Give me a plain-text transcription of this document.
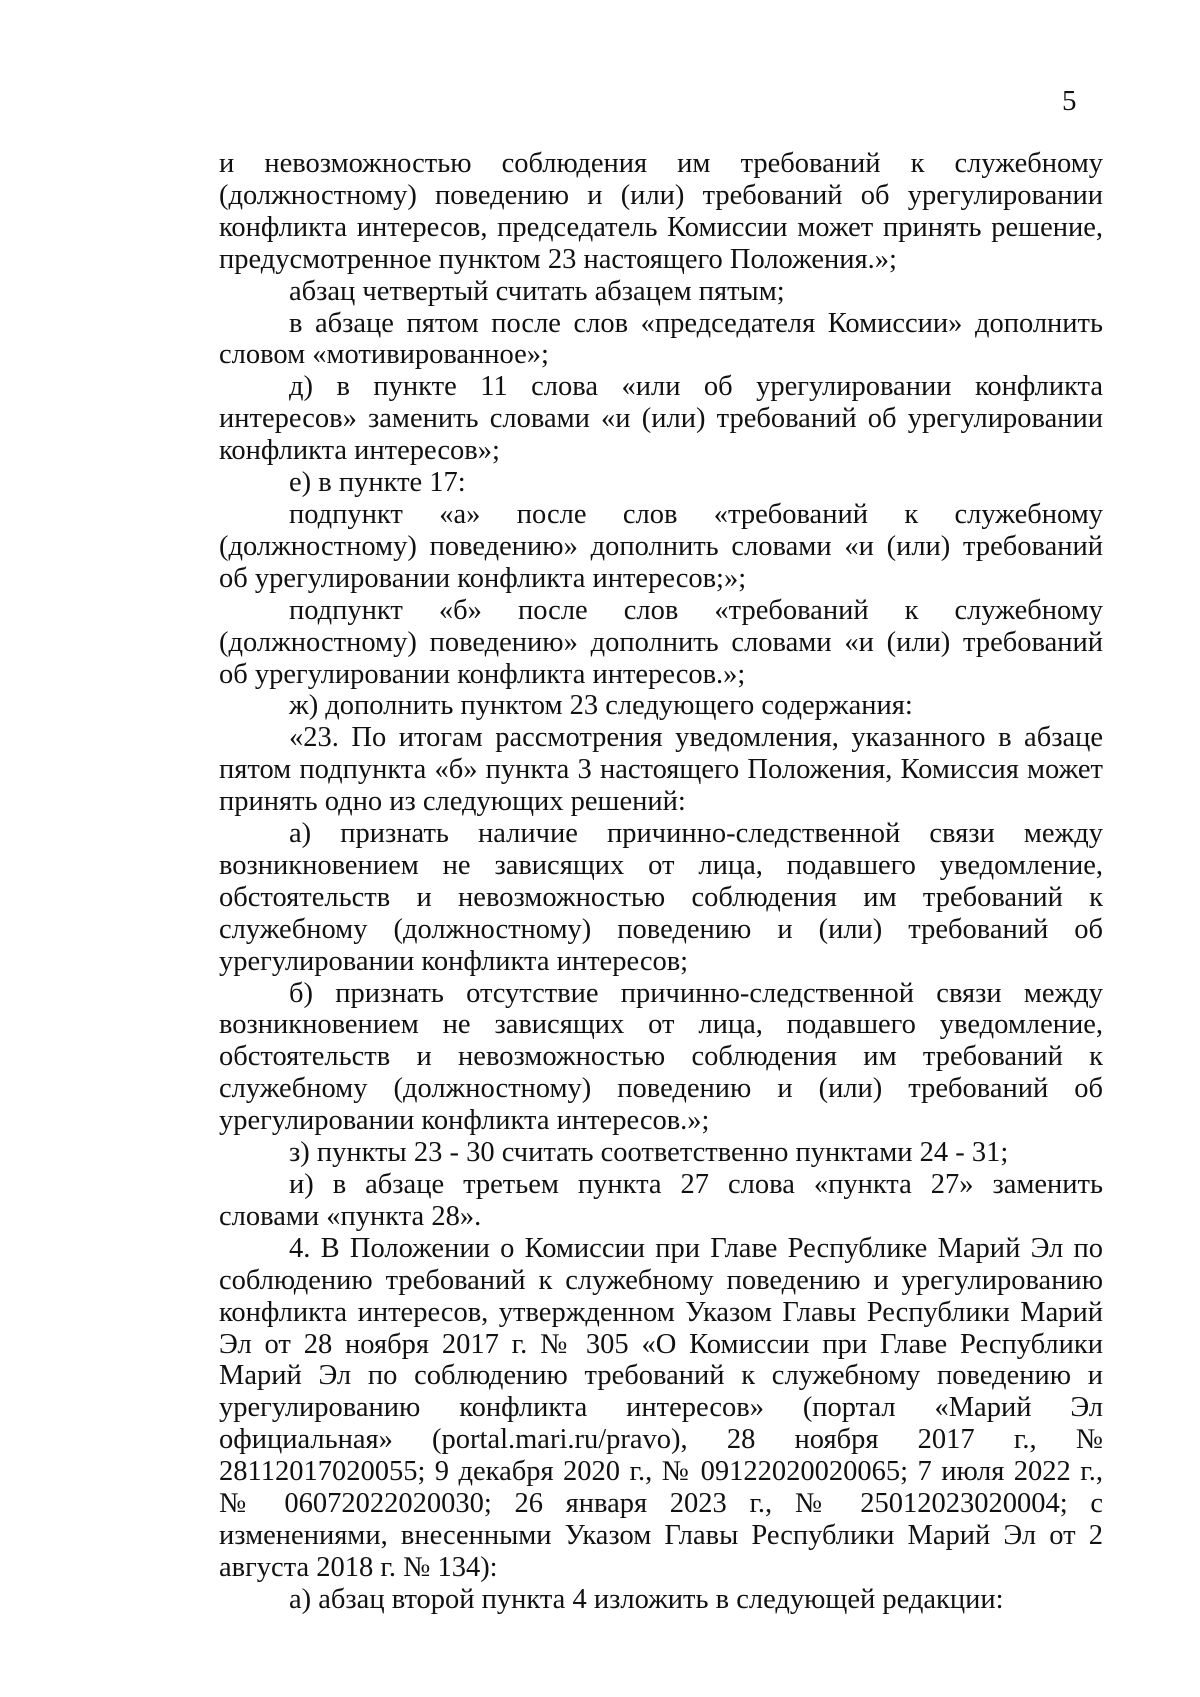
5

и невозможностью соблюдения им требований к служебному (должностному) поведению и (или) требований об урегулировании конфликта интересов, председатель Комиссии может принять решение, предусмотренное пунктом 23 настоящего Положения.»;

абзац четвертый считать абзацем пятым;

в абзаце пятом после слов «председателя Комиссии» дополнить словом «мотивированное»;

д) в пункте 11 слова «или об урегулировании конфликта интересов» заменить словами «и (или) требований об урегулировании конфликта интересов»;

е) в пункте 17:

подпункт «а» после слов «требований к служебному (должностному) поведению» дополнить словами «и (или) требований об урегулировании конфликта интересов;»;

подпункт «б» после слов «требований к служебному (должностному) поведению» дополнить словами «и (или) требований об урегулировании конфликта интересов.»;

ж) дополнить пунктом 23 следующего содержания:

«23. По итогам рассмотрения уведомления, указанного в абзаце пятом подпункта «б» пункта 3 настоящего Положения, Комиссия может принять одно из следующих решений:

а) признать наличие причинно-следственной связи между возникновением не зависящих от лица, подавшего уведомление, обстоятельств и невозможностью соблюдения им требований к служебному (должностному) поведению и (или) требований об урегулировании конфликта интересов;

б) признать отсутствие причинно-следственной связи между возникновением не зависящих от лица, подавшего уведомление, обстоятельств и невозможностью соблюдения им требований к служебному (должностному) поведению и (или) требований об урегулировании конфликта интересов.»;

з) пункты 23 - 30 считать соответственно пунктами 24 - 31;

и) в абзаце третьем пункта 27 слова «пункта 27» заменить словами «пункта 28».

4. В Положении о Комиссии при Главе Республике Марий Эл по соблюдению требований к служебному поведению и урегулированию конфликта интересов, утвержденном Указом Главы Республики Марий Эл от 28 ноября 2017 г. № 305 «О Комиссии при Главе Республики Марий Эл по соблюдению требований к служебному поведению и урегулированию конфликта интересов» (портал «Марий Эл официальная» (portal.mari.ru/pravo), 28 ноября 2017 г., № 28112017020055; 9 декабря 2020 г., № 09122020020065; 7 июля 2022 г., № 06072022020030; 26 января 2023 г., № 25012023020004; с изменениями, внесенными Указом Главы Республики Марий Эл от 2 августа 2018 г. № 134):

а) абзац второй пункта 4 изложить в следующей редакции:
